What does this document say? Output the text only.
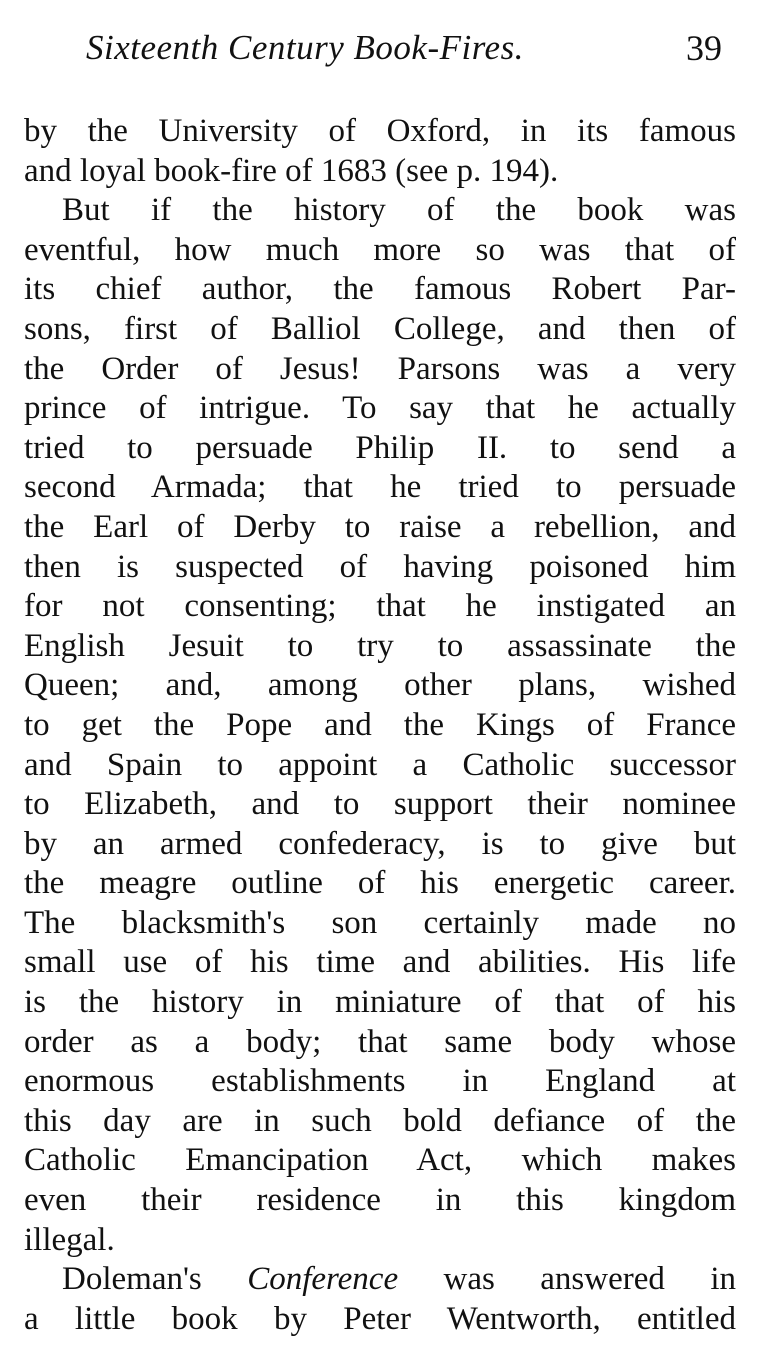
Sixteenth Century Book-Fires.	39
by the University of Oxford, in its famous
and loyal book-fire of 1683 (see p. 194).
But if the history of the book was
eventful, how much more so was that of
its chief author, the famous Robert Par-
sons, first of Balliol College, and then of
the Order of Jesus! Parsons was a very
prince of intrigue. To say that he actually
tried to persuade Philip II. to send a
second Armada; that he tried to persuade
the Earl of Derby to raise a rebellion, and
then is suspected of having poisoned him
for not consenting; that he instigated an
English Jesuit to try to assassinate the
Queen; and, among other plans, wished
to get the Pope and the Kings of France
and Spain to appoint a Catholic successor
to Elizabeth, and to support their nominee
by an armed confederacy, is to give but
the meagre outline of his energetic career.
The blacksmith's son certainly made no
small use of his time and abilities. His life
is the history in miniature of that of his
order as a body; that same body whose
enormous establishments in England at
this day are in such bold defiance of the
Catholic Emancipation Act, which makes
even their residence in this kingdom
illegal.
Doleman's Conference was answered in
a little book by Peter Wentworth, entitled
